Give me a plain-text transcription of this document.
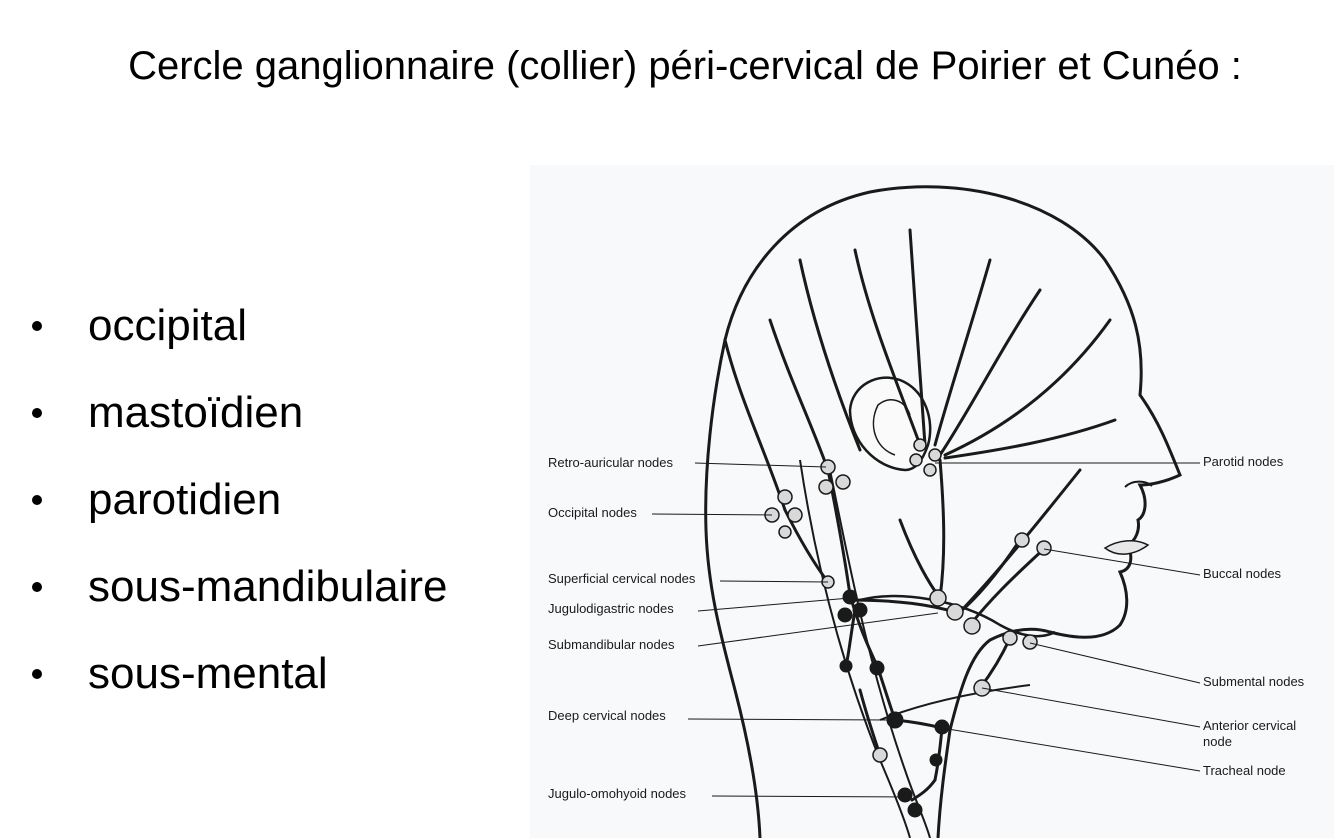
Cercle ganglionnaire (collier) péri-cervical de Poirier et Cunéo :
occipital
mastoïdien
parotidien
sous-mandibulaire
sous-mental
Retro-auricular nodes
Occipital nodes
Superficial cervical nodes
Jugulodigastric nodes
Submandibular nodes
Deep cervical nodes
Jugulo-omohyoid nodes
Parotid nodes
Buccal nodes
Submental nodes
Anterior cervical
node
Tracheal node
